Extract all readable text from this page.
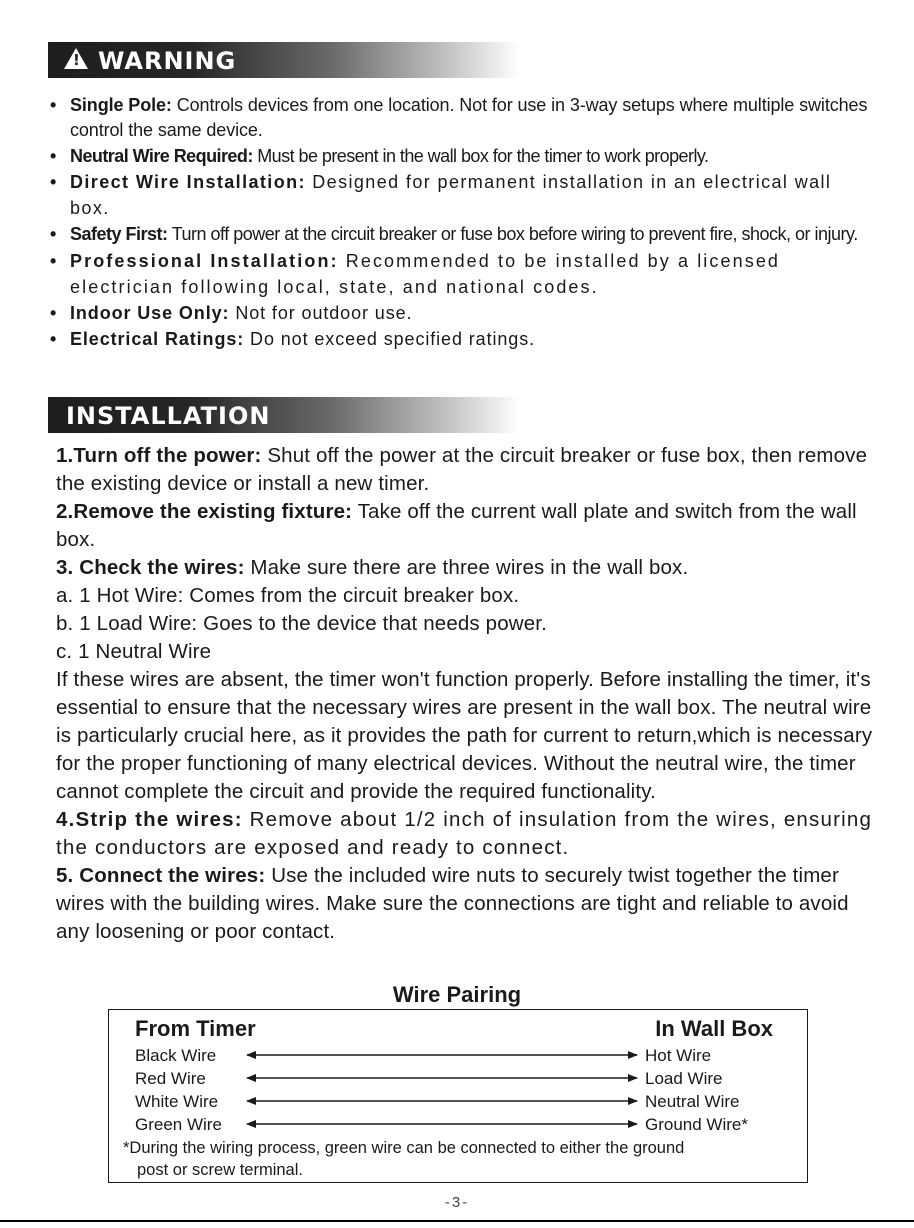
!WARNING
• Single Pole: Controls devices from one location. Not for use in 3-way setups where multiple switches control the same device.
• Neutral Wire Required: Must be present in the wall box for the timer to work properly.
• Direct Wire Installation: Designed for permanent installation in an electrical wall box.
• Safety First: Turn off power at the circuit breaker or fuse box before wiring to prevent fire, shock, or injury.
• Professional Installation: Recommended to be installed by a licensed electrician following local, state, and national codes.
• Indoor Use Only: Not for outdoor use.
• Electrical Ratings: Do not exceed specified ratings.
INSTALLATION

1.Turn off the power: Shut off the power at the circuit breaker or fuse box, then remove the existing device or install a new timer.

2.Remove the existing fixture: Take off the current wall plate and switch from the wall box.

3. Check the wires: Make sure there are three wires in the wall box.

a. 1 Hot Wire: Comes from the circuit breaker box.

b. 1 Load Wire: Goes to the device that needs power.

c. 1 Neutral Wire

If these wires are absent, the timer won't function properly. Before installing the timer, it's essential to ensure that the necessary wires are present in the wall box. The neutral wire is particularly crucial here, as it provides the path for current to return,which is necessary for the proper functioning of many electrical devices. Without the neutral wire, the timer cannot complete the circuit and provide the required functionality.

4.Strip the wires: Remove about 1/2 inch of insulation from the wires, ensuring the conductors are exposed and ready to connect.

5. Connect the wires: Use the included wire nuts to securely twist together the timer wires with the building wires. Make sure the connections are tight and reliable to avoid any loosening or poor contact.

Wire Pairing
From Timer	In Wall Box
Black Wire
Red Wire
White Wire
Green Wire
Hot Wire
Load Wire
Neutral Wire
Ground Wire*
*During the wiring process, green wire can be connected to either the ground
post or screw terminal.
-3-
